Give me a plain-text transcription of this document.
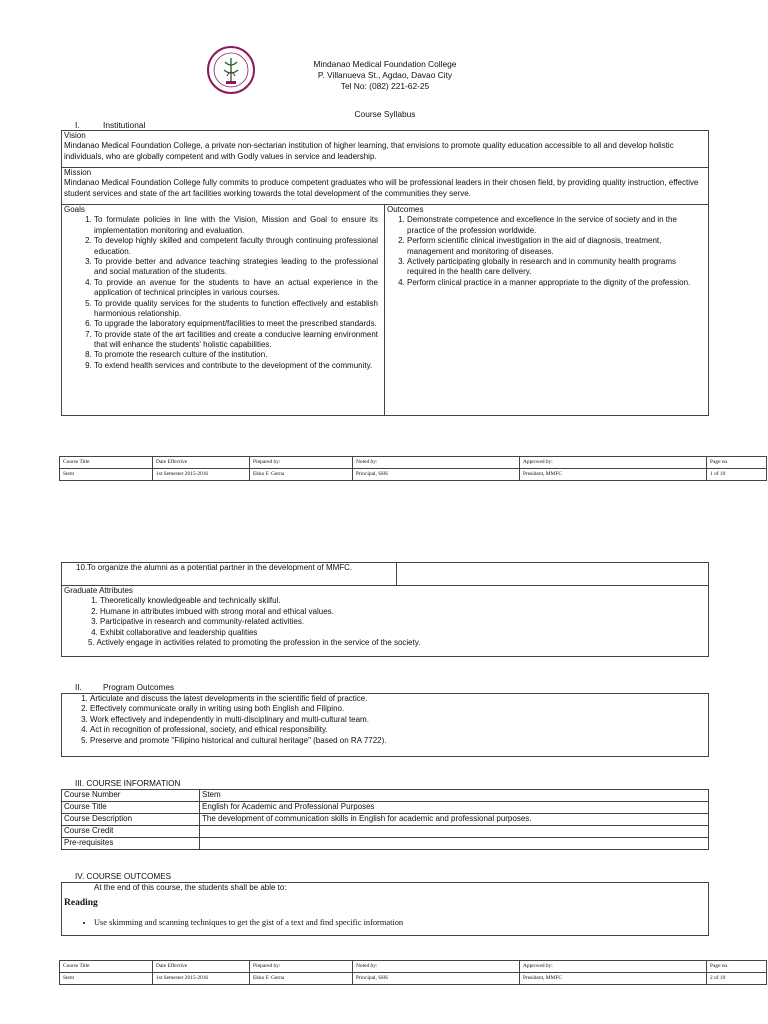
Mindanao Medical Foundation College
P. Villanueva St., Agdao, Davao City
Tel No: (082) 221-62-25
Course Syllabus
I.	Institutional
Vision
Mindanao Medical Foundation College, a private non-sectarian institution of higher learning, that envisions to promote quality education accessible to all and develop holistic individuals, who are globally competent and with Godly values in service and leadership.

Mission
Mindanao Medical Foundation College fully commits to produce competent graduates who will be professional leaders in their chosen field, by providing quality instruction, effective student services and state of the art facilities working towards the total development of the communities they serve.

Goals
1. To formulate policies in line with the Vision, Mission and Goal to ensure its implementation monitoring and evaluation.
2. To develop highly skilled and competent faculty through continuing professional education.
3. To provide better and advance teaching strategies leading to the professional and social maturation of the students.
4. To provide an avenue for the students to have an actual experience in the application of technical principles in various courses.
5. To provide quality services for the students to function effectively and establish harmonious relationship.
6. To upgrade the laboratory equipment/facilities to meet the prescribed standards.
7. To provide state of the art facilities and create a conducive learning environment that will enhance the students' holistic capabilities.
8. To promote the research culture of the institution.
9. To extend health services and contribute to the development of the community.

Outcomes
1. Demonstrate competence and excellence in the service of society and in the practice of the profession worldwide.
2. Perform scientific clinical investigation in the aid of diagnosis, treatment, management and monitoring of diseases.
3. Actively participating globally in research and in community health programs required in the health care delivery.
4. Perform clinical practice in a manner appropriate to the dignity of the profession.
Course Title	Date Effective	Prepared by:	Noted by:	Approved by:	Page no.
Stem	1st Semester 2015-2016	Ekko F. Gerna	Principal, SHS	President, MMFC	1 of 10
10.To organize the alumni as a potential partner in the development of MMFC.	

Graduate Attributes
1. Theoretically knowledgeable and technically skilful.
2. Humane in attributes imbued with strong moral and ethical values.
3. Participative in research and community-related activities.
4. Exhibit collaborative and leadership qualities
5. Actively engage in activities related to promoting the profession in the service of the society.
II.	Program Outcomes
1. Articulate and discuss the latest developments in the scientific field of practice.
2. Effectively communicate orally in writing using both English and Filipino.
3. Work effectively and independently in multi-disciplinary and multi-cultural team.
4. Act in recognition of professional, society, and ethical responsibility.
5. Preserve and promote "Filipino historical and cultural heritage" (based on RA 7722).
III. COURSE INFORMATION
Course Number	Stem
Course Title	English for Academic and Professional Purposes
Course Description	The development of communication skills in English for academic and professional purposes.
Course Credit	
Pre-requisites	
IV. COURSE OUTCOMES
At the end of this course, the students shall be able to:
Reading
• Use skimming and scanning techniques to get the gist of a text and find specific information
Course Title	Date Effective	Prepared by:	Noted by:	Approved by:	Page no.
Stem	1st Semester 2015-2016	Ekko F. Gerna	Principal, SHS	President, MMFC	2 of 10
